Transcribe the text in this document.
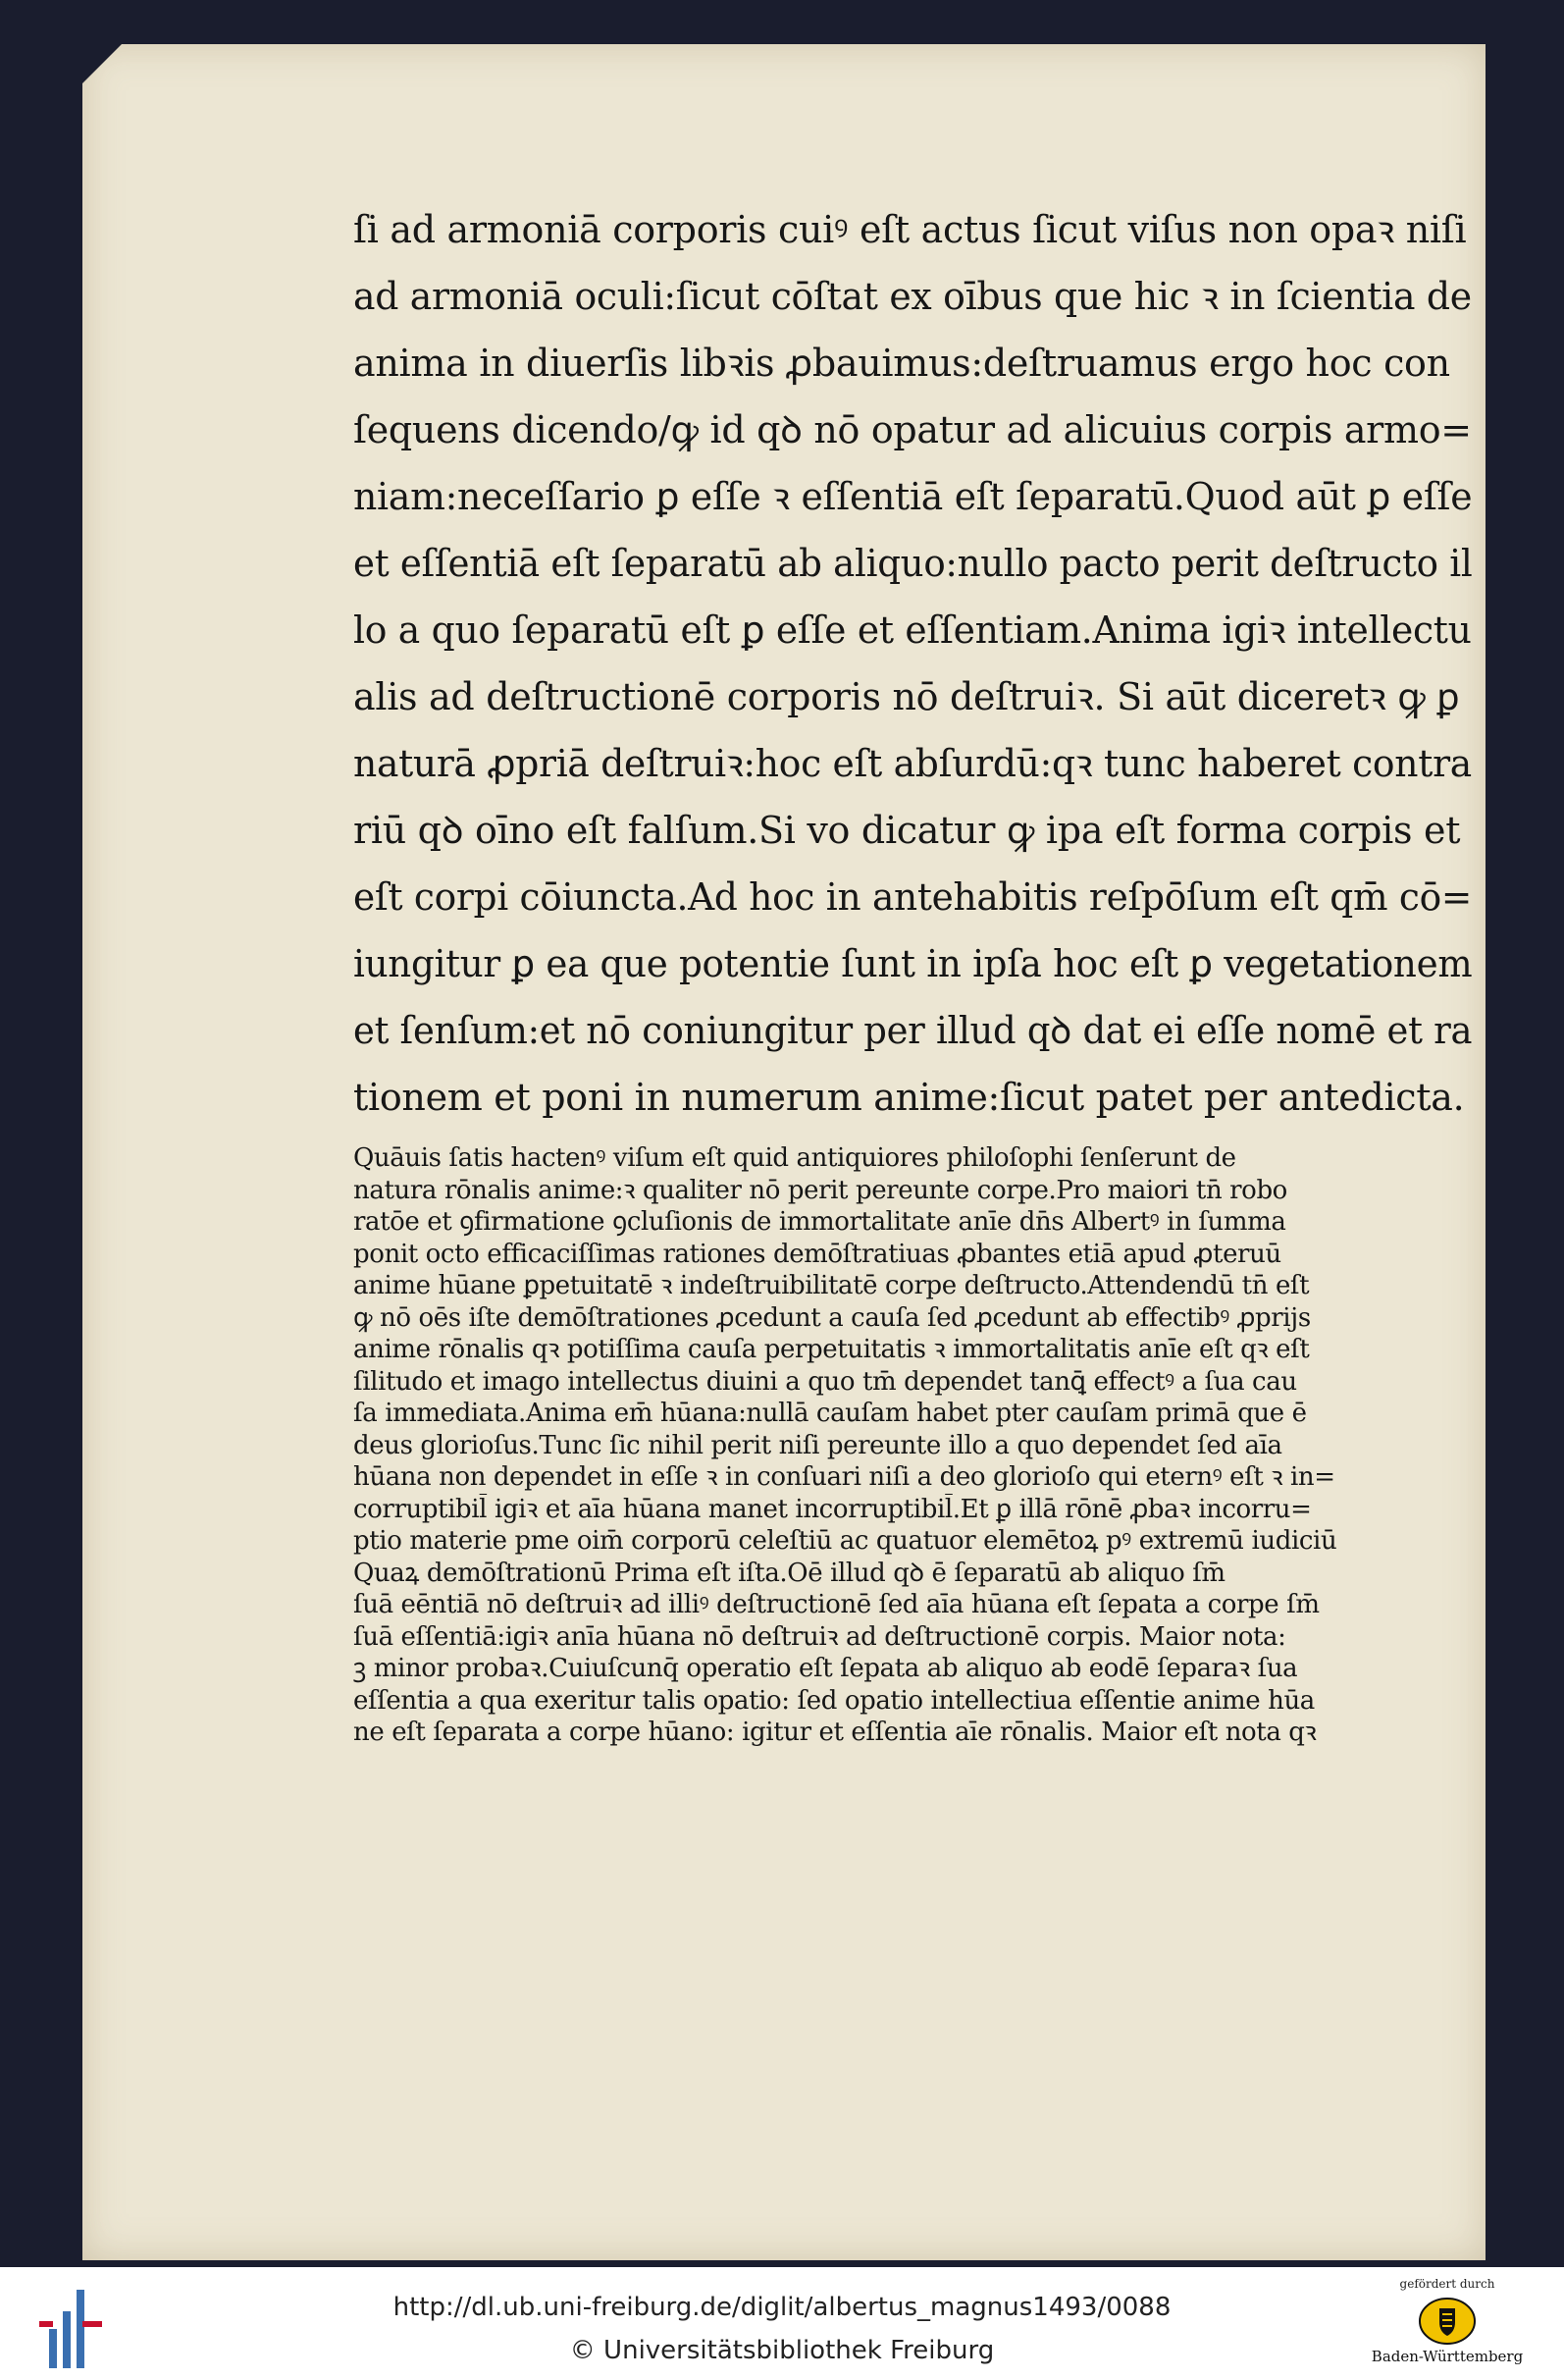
ſi ad armoniā corporis cuiꝰ eſt actus ſicut viſus non opaꝛ niſi
ad armoniā oculi:ſicut cōſtat ex oībus que hic ꝛ in ſcientia de
anima in diuerſis libꝛis ꝓbauimus:deſtruamus ergo hoc con
ſequens dicendo/ꝙ id qꝺ nō opatur ad alicuius corpis armo=
niam:neceſſario ꝑ eſſe ꝛ eſſentiā eſt ſeparatū.Quod aūt ꝑ eſſe
et eſſentiā eſt ſeparatū ab aliquo:nullo pacto perit deſtructo il
lo a quo ſeparatū eſt ꝑ eſſe et eſſentiam.Anima igiꝛ intellectu
alis ad deſtructionē corporis nō deſtruiꝛ. Si aūt diceretꝛ ꝙ ꝑ
naturā ꝓpriā deſtruiꝛ:hoc eſt abſurdū:qꝛ tunc haberet contra
riū qꝺ oīno eſt falſum.Si vo dicatur ꝙ ipa eſt forma corpis et
eſt corpi cōiuncta.Ad hoc in antehabitis reſpōſum eſt qm̄ cō=
iungitur ꝑ ea que potentie ſunt in ipſa hoc eſt ꝑ vegetationem
et ſenſum:et nō coniungitur per illud qꝺ dat ei eſſe nomē et ra
tionem et poni in numerum anime:ſicut patet per antedicta.
Quāuis ſatis hactenꝰ viſum eſt quid antiquiores philoſophi ſenſerunt de
natura rōnalis anime:ꝛ qualiter nō perit pereunte corpe.Pro maiori tn̄ robo
ratōe et ꝯfirmatione ꝯcluſionis de immortalitate anīe dn̄s Albertꝰ in ſumma
ponit octo efficaciſſimas rationes demōſtratiuas ꝓbantes etiā apud ꝓteruū
anime hūane ꝑpetuitatē ꝛ indeſtruibilitatē corpe deſtructo.Attendendū tn̄ eſt
ꝙ nō oēs iſte demōſtrationes ꝓcedunt a cauſa ſed ꝓcedunt ab effectibꝰ ꝓprijs
anime rōnalis qꝛ potiſſima cauſa perpetuitatis ꝛ immortalitatis anīe eſt qꝛ eſt
ſilitudo et imago intellectus diuini a quo tm̄ dependet tanꝗ̄ effectꝰ a ſua cau
ſa immediata.Anima em̄ hūana:nullā cauſam habet pter cauſam primā que ē
deus glorioſus.Tunc ſic nihil perit niſi pereunte illo a quo dependet ſed aīa
hūana non dependet in eſſe ꝛ in conſuari niſi a deo glorioſo qui eternꝰ eſt ꝛ in=
corruptibil̄ igiꝛ et aīa hūana manet incorruptibil̄.Et ꝑ illā rōnē ꝓbaꝛ incorru=
ptio materie pme oim̄ corporū celeſtiū ac quatuor elemētoꝝ pꝰ extremū iudiciū
Quaꝝ demōſtrationū Prima eſt iſta.Oē illud qꝺ ē ſeparatū ab aliquo ſm̄
ſuā eēntiā nō deſtruiꝛ ad illiꝰ deſtructionē ſed aīa hūana eſt ſepata a corpe ſm̄
ſuā eſſentiā:igiꝛ anīa hūana nō deſtruiꝛ ad deſtructionē corpis. Maior nota:
ꝫ minor probaꝛ.Cuiuſcunq̄ operatio eſt ſepata ab aliquo ab eodē ſeparaꝛ ſua
eſſentia a qua exeritur talis opatio: ſed opatio intellectiua eſſentie anime hūa
ne eſt ſeparata a corpe hūano: igitur et eſſentia aīe rōnalis. Maior eſt nota qꝛ
http://dl.ub.uni-freiburg.de/diglit/albertus_magnus1493/0088
© Universitätsbibliothek Freiburg
gefördert durch
Baden-Württemberg
